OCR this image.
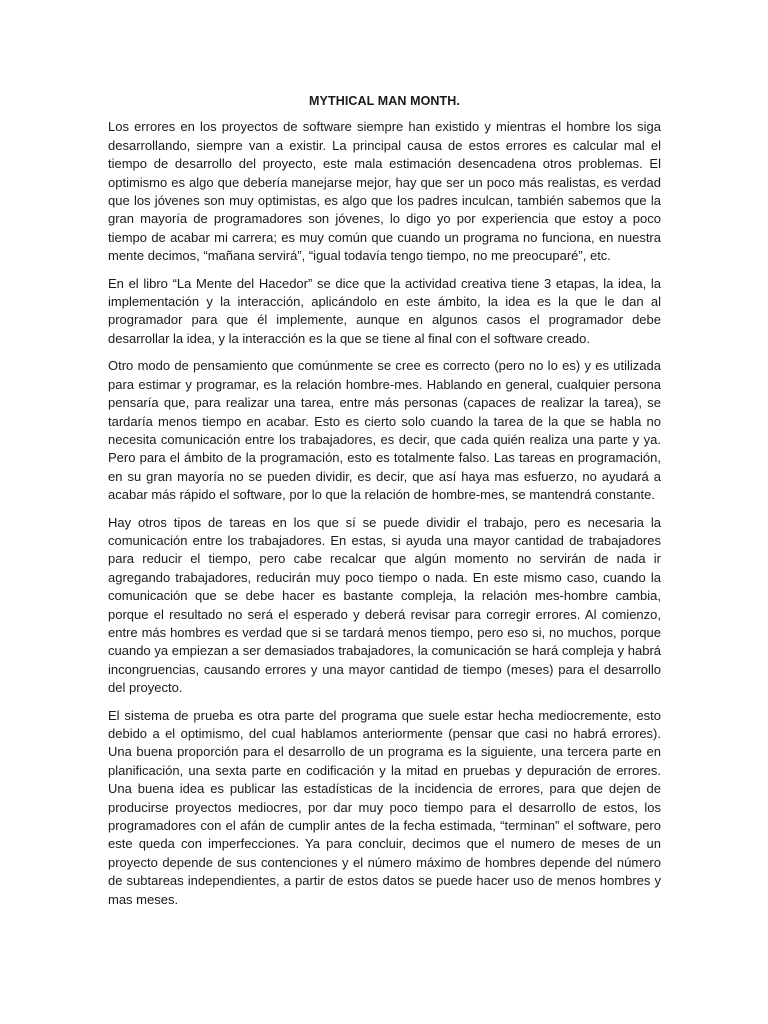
MYTHICAL MAN MONTH.

Los errores en los proyectos de software siempre han existido y mientras el hombre los siga desarrollando, siempre van a existir. La principal causa de estos errores es calcular mal el tiempo de desarrollo del proyecto, este mala estimación desencadena otros problemas. El optimismo es algo que debería manejarse mejor, hay que ser un poco más realistas, es verdad que los jóvenes son muy optimistas, es algo que los padres inculcan, también sabemos que la gran mayoría de programadores son jóvenes, lo digo yo por experiencia que estoy a poco tiempo de acabar mi carrera; es muy común que cuando un programa no funciona, en nuestra mente decimos, “mañana servirá”, “igual todavía tengo tiempo, no me preocuparé”, etc.

En el libro “La Mente del Hacedor” se dice que la actividad creativa tiene 3 etapas, la idea, la implementación y la interacción, aplicándolo en este ámbito, la idea es la que le dan al programador para que él implemente, aunque en algunos casos el programador debe desarrollar la idea, y la interacción es la que se tiene al final con el software creado.

Otro modo de pensamiento que comúnmente se cree es correcto (pero no lo es) y es utilizada para estimar y programar, es la relación hombre-mes. Hablando en general, cualquier persona pensaría que, para realizar una tarea, entre más personas (capaces de realizar la tarea), se tardaría menos tiempo en acabar. Esto es cierto solo cuando la tarea de la que se habla no necesita comunicación entre los trabajadores, es decir, que cada quién realiza una parte y ya. Pero para el ámbito de la programación, esto es totalmente falso. Las tareas en programación, en su gran mayoría no se pueden dividir, es decir, que así haya mas esfuerzo, no ayudará a acabar más rápido el software, por lo que la relación de hombre-mes, se mantendrá constante.

Hay otros tipos de tareas en los que sí se puede dividir el trabajo, pero es necesaria la comunicación entre los trabajadores. En estas, si ayuda una mayor cantidad de trabajadores para reducir el tiempo, pero cabe recalcar que algún momento no servirán de nada ir agregando trabajadores, reducirán muy poco tiempo o nada. En este mismo caso, cuando la comunicación que se debe hacer es bastante compleja, la relación mes-hombre cambia, porque el resultado no será el esperado y deberá revisar para corregir errores. Al comienzo, entre más hombres es verdad que si se tardará menos tiempo, pero eso si, no muchos, porque cuando ya empiezan a ser demasiados trabajadores, la comunicación se hará compleja y habrá incongruencias, causando errores y una mayor cantidad de tiempo (meses) para el desarrollo del proyecto.

El sistema de prueba es otra parte del programa que suele estar hecha mediocremente, esto debido a el optimismo, del cual hablamos anteriormente (pensar que casi no habrá errores). Una buena proporción para el desarrollo de un programa es la siguiente, una tercera parte en planificación, una sexta parte en codificación y la mitad en pruebas y depuración de errores. Una buena idea es publicar las estadísticas de la incidencia de errores, para que dejen de producirse proyectos mediocres, por dar muy poco tiempo para el desarrollo de estos, los programadores con el afán de cumplir antes de la fecha estimada, “terminan” el software, pero este queda con imperfecciones. Ya para concluir, decimos que el numero de meses de un proyecto depende de sus contenciones y el número máximo de hombres depende del número de subtareas independientes, a partir de estos datos se puede hacer uso de menos hombres y mas meses.
